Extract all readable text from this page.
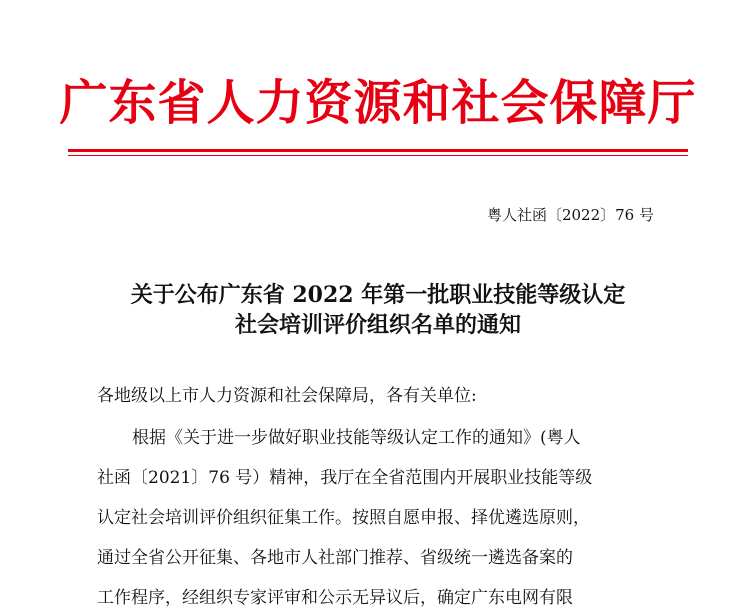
广东省人力资源和社会保障厅
粤人社函〔2022〕76 号
关于公布广东省 2022 年第一批职业技能等级认定
社会培训评价组织名单的通知
各地级以上市人力资源和社会保障局，各有关单位:
根据《关于进一步做好职业技能等级认定工作的通知》(粤人
社函〔2021〕76 号）精神，我厅在全省范围内开展职业技能等级
认定社会培训评价组织征集工作。按照自愿申报、择优遴选原则，
通过全省公开征集、各地市人社部门推荐、省级统一遴选备案的
工作程序，经组织专家评审和公示无异议后，确定广东电网有限
